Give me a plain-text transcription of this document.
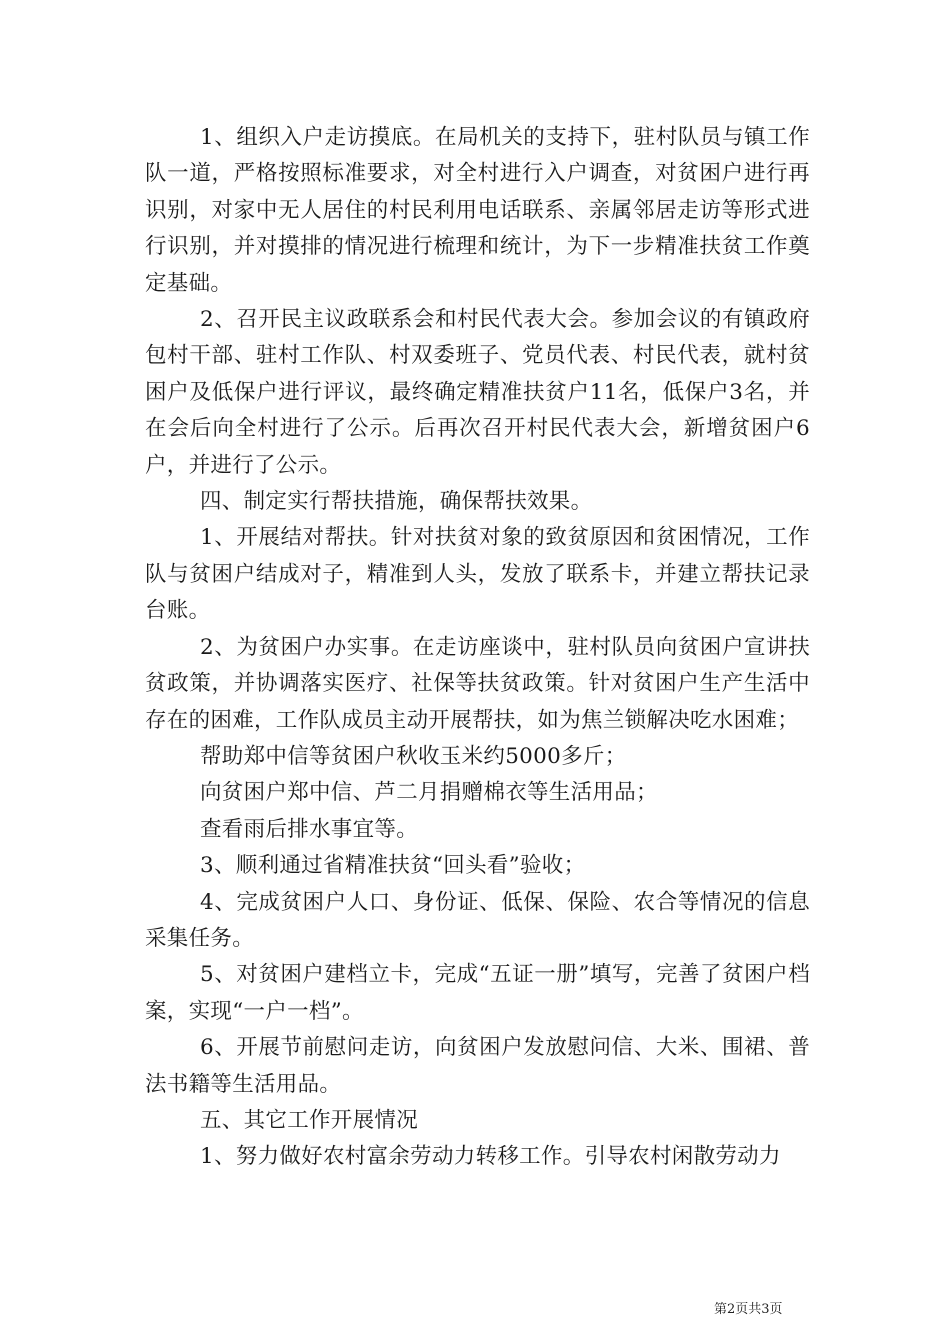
1、组织入户走访摸底。在局机关的支持下，驻村队员与镇工作队一道，严格按照标准要求，对全村进行入户调查，对贫困户进行再识别，对家中无人居住的村民利用电话联系、亲属邻居走访等形式进行识别，并对摸排的情况进行梳理和统计，为下一步精准扶贫工作奠定基础。

2、召开民主议政联系会和村民代表大会。参加会议的有镇政府包村干部、驻村工作队、村双委班子、党员代表、村民代表，就村贫困户及低保户进行评议，最终确定精准扶贫户11名，低保户3名，并在会后向全村进行了公示。后再次召开村民代表大会，新增贫困户6户，并进行了公示。

四、制定实行帮扶措施，确保帮扶效果。

1、开展结对帮扶。针对扶贫对象的致贫原因和贫困情况，工作队与贫困户结成对子，精准到人头，发放了联系卡，并建立帮扶记录台账。

2、为贫困户办实事。在走访座谈中，驻村队员向贫困户宣讲扶贫政策，并协调落实医疗、社保等扶贫政策。针对贫困户生产生活中存在的困难，工作队成员主动开展帮扶，如为焦兰锁解决吃水困难；

帮助郑中信等贫困户秋收玉米约5000多斤；

向贫困户郑中信、芦二月捐赠棉衣等生活用品；

查看雨后排水事宜等。

3、顺利通过省精准扶贫“回头看”验收；

4、完成贫困户人口、身份证、低保、保险、农合等情况的信息采集任务。

5、对贫困户建档立卡，完成“五证一册”填写，完善了贫困户档案，实现“一户一档”。

6、开展节前慰问走访，向贫困户发放慰问信、大米、围裙、普法书籍等生活用品。

五、其它工作开展情况

1、努力做好农村富余劳动力转移工作。引导农村闲散劳动力

第2页共3页
